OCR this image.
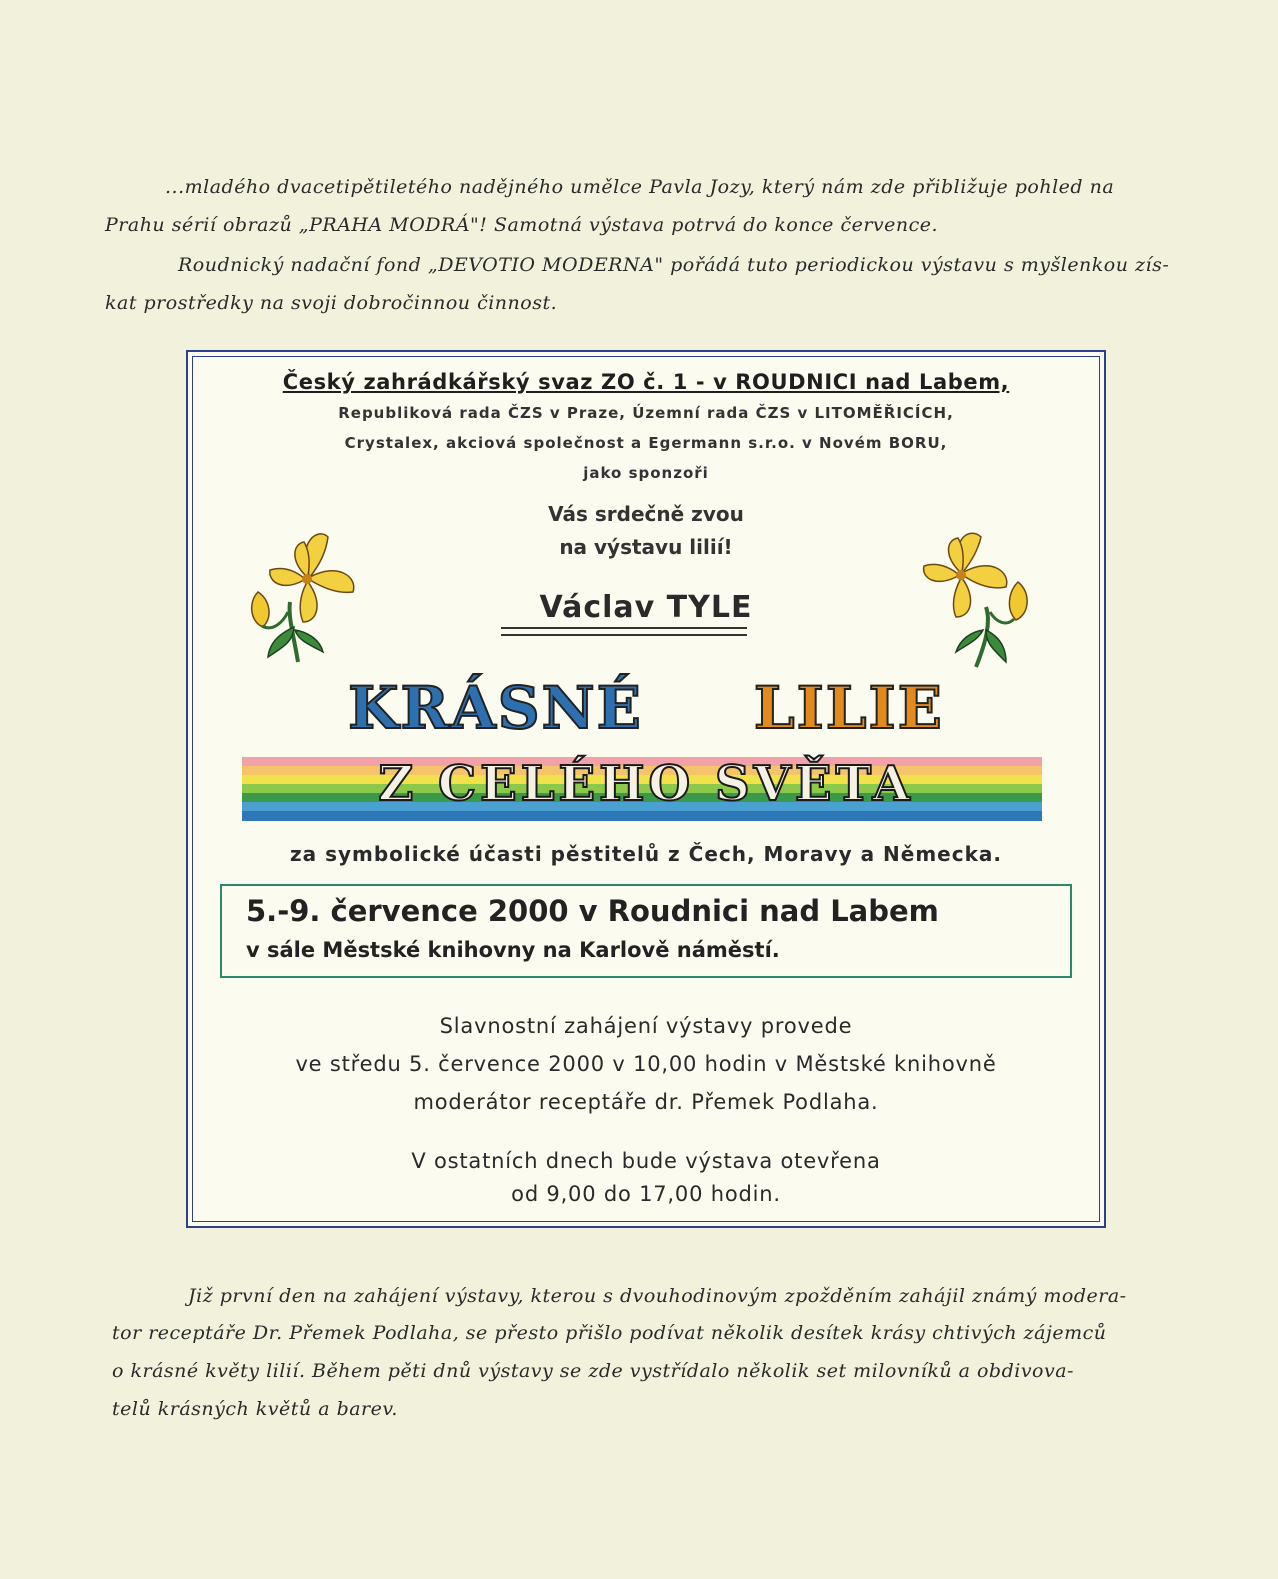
...mladého dvacetipětiletého nadějného umělce Pavla Jozy, který nám zde přibližuje pohled na
Prahu sérií obrazů „PRAHA MODRÁ"! Samotná výstava potrvá do konce července.
Roudnický nadační fond „DEVOTIO MODERNA" pořádá tuto periodickou výstavu s myšlenkou zís-
kat prostředky na svoji dobročinnou činnost.
Český zahrádkářský svaz ZO č. 1 - v ROUDNICI nad Labem,
Republiková rada ČZS v Praze, Územní rada ČZS v LITOMĚŘICÍCH,
Crystalex, akciová společnost a Egermann s.r.o. v Novém BORU,
jako sponzoři
Vás srdečně zvou
na výstavu lilií!
Václav TYLE
KRÁSNÉ LILIE
Z CELÉHO SVĚTA
za symbolické účasti pěstitelů z Čech, Moravy a Německa.
5.-9. července 2000 v Roudnici nad Labem
v sále Městské knihovny na Karlově náměstí.
Slavnostní zahájení výstavy provede
ve středu 5. července 2000 v 10,00 hodin v Městské knihovně
moderátor receptáře dr. Přemek Podlaha.
V ostatních dnech bude výstava otevřena
od 9,00 do 17,00 hodin.
Již první den na zahájení výstavy, kterou s dvouhodinovým zpožděním zahájil známý modera-
tor receptáře Dr. Přemek Podlaha, se přesto přišlo podívat několik desítek krásy chtivých zájemců
o krásné květy lilií. Během pěti dnů výstavy se zde vystřídalo několik set milovníků a obdivova-
telů krásných květů a barev.
